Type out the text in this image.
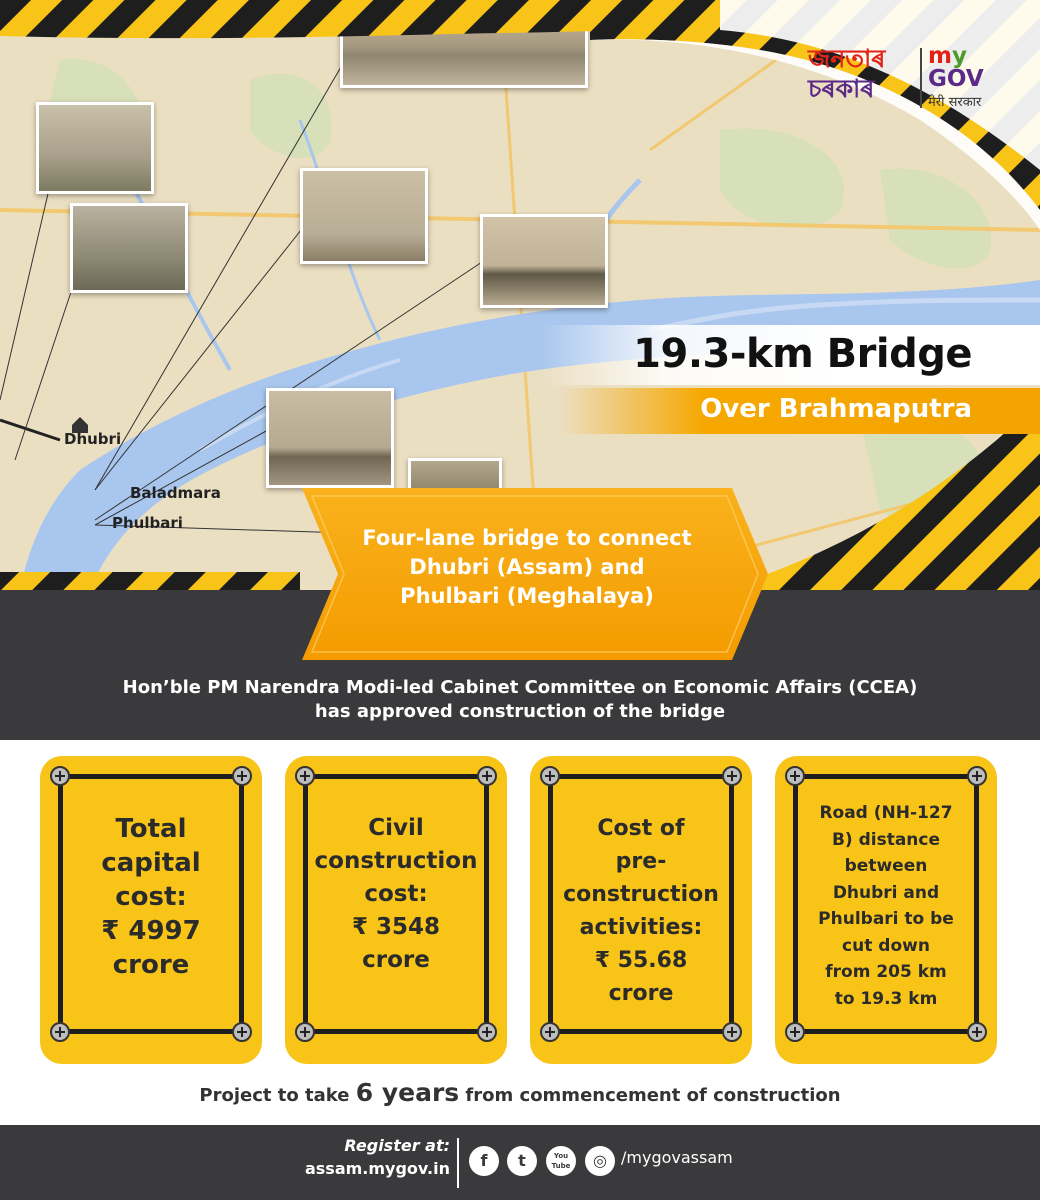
Dhubri
Baladmara
Phulbari
জনতাৰ
চৰকাৰ
my
GOV
मेरी सरकार
19.3-km Bridge
Over Brahmaputra
Four-lane bridge to connect
Dhubri (Assam) and
Phulbari (Meghalaya)
Hon’ble PM Narendra Modi-led Cabinet Committee on Economic Affairs (CCEA)
has approved construction of the bridge
Total
capital
cost:
₹ 4997
crore
Civil
construction
cost:
₹ 3548
crore
Cost of
pre-
construction
activities:
₹ 55.68
crore
Road (NH-127
B) distance
between
Dhubri and
Phulbari to be
cut down
from 205 km
to 19.3 km
Project to take 6 years from commencement of construction
Register at:
assam.mygov.in	f	t	You Tube	◎ /mygovassam
